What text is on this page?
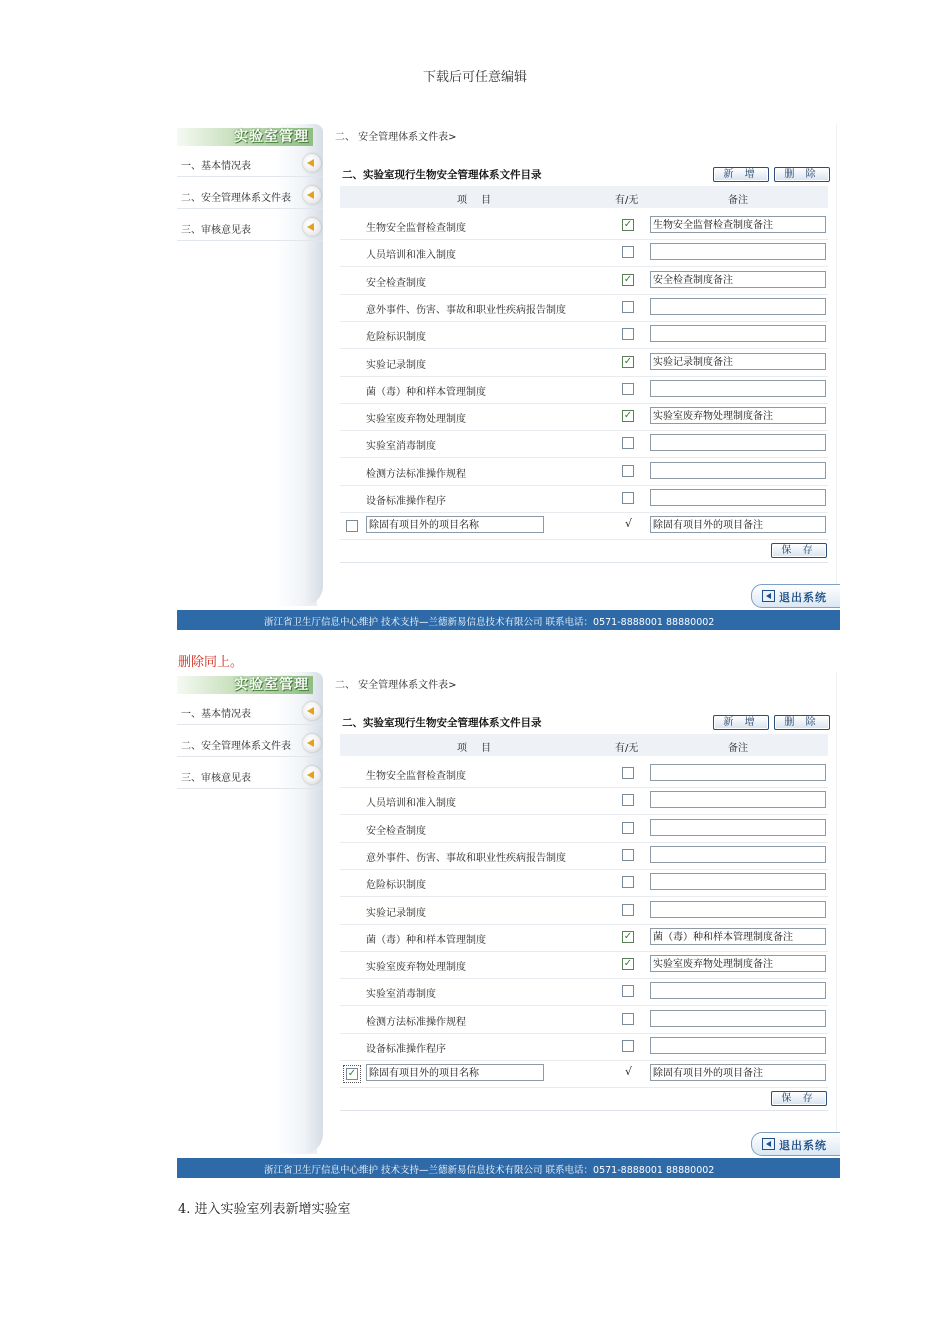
下载后可任意编辑
实验室管理
一、基本情况表
二、安全管理体系文件表
三、审核意见表
二、 安全管理体系文件表>
二、实验室现行生物安全管理体系文件目录	新 增	删 除
项目	有/无	备注
生物安全监督检查制度	✓	生物安全监督检查制度备注
人员培训和准入制度
安全检查制度	✓	安全检查制度备注
意外事件、伤害、事故和职业性疾病报告制度
危险标识制度
实验记录制度	✓	实验记录制度备注
菌（毒）种和样本管理制度
实验室废弃物处理制度	✓	实验室废弃物处理制度备注
实验室消毒制度
检测方法标准操作规程
设备标准操作程序
除固有项目外的项目名称	√	除固有项目外的项目备注
保 存
退出系统
浙江省卫生厅信息中心维护 技术支持—兰德新易信息技术有限公司 联系电话：0571-8888001 88880002
删除同上。
实验室管理
一、基本情况表
二、安全管理体系文件表
三、审核意见表
二、 安全管理体系文件表>
二、实验室现行生物安全管理体系文件目录	新 增	删 除
项目	有/无	备注
生物安全监督检查制度
人员培训和准入制度
安全检查制度
意外事件、伤害、事故和职业性疾病报告制度
危险标识制度
实验记录制度
菌（毒）种和样本管理制度	✓	菌（毒）种和样本管理制度备注
实验室废弃物处理制度	✓	实验室废弃物处理制度备注
实验室消毒制度
检测方法标准操作规程
设备标准操作程序
✓	除固有项目外的项目名称	√	除固有项目外的项目备注
保 存
退出系统
浙江省卫生厅信息中心维护 技术支持—兰德新易信息技术有限公司 联系电话：0571-8888001 88880002
4. 进入实验室列表新增实验室
